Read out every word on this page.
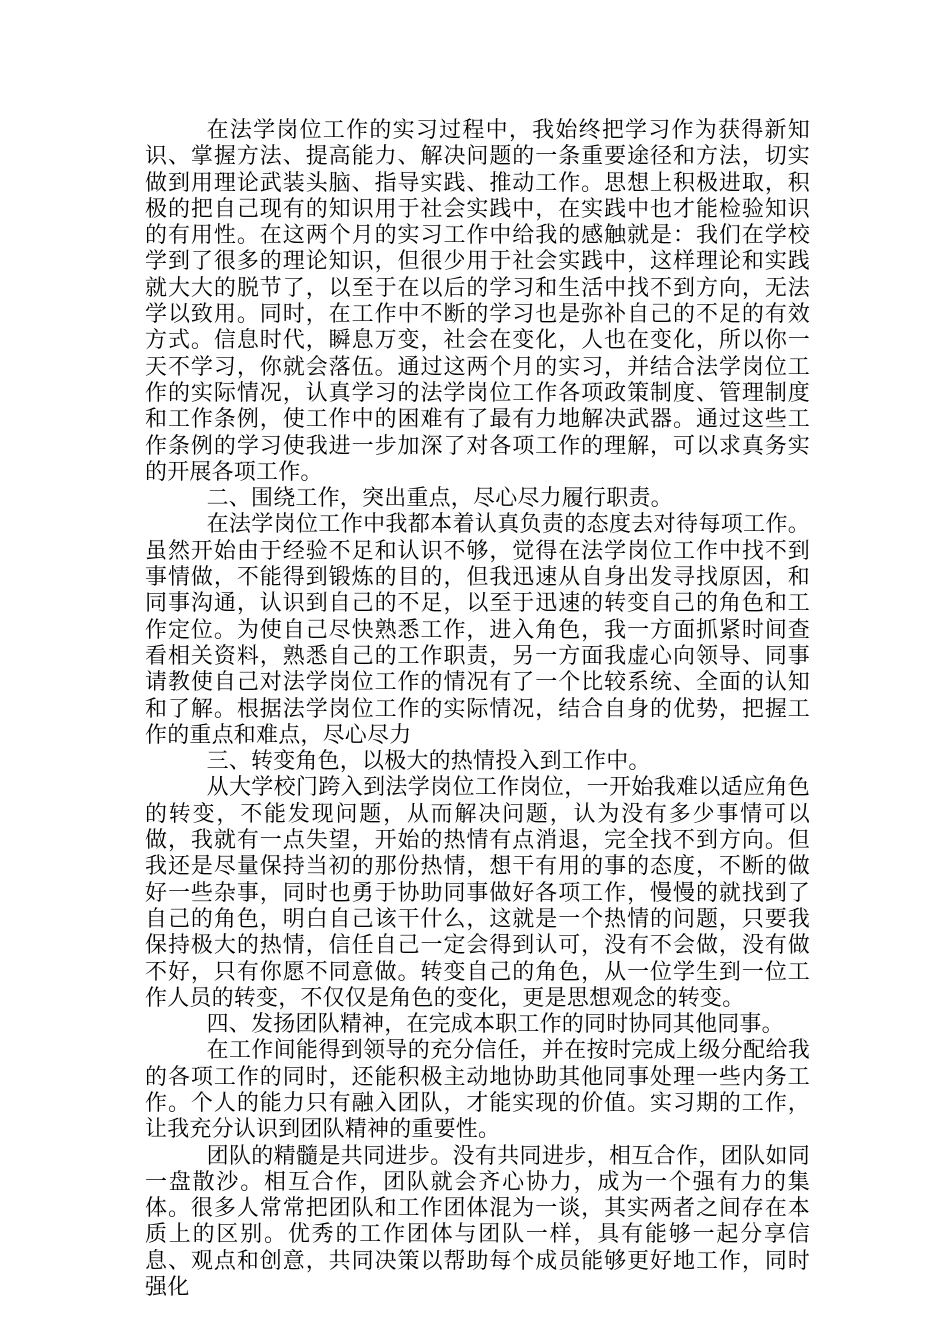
在法学岗位工作的实习过程中，我始终把学习作为获得新知识、掌握方法、提高能力、解决问题的一条重要途径和方法，切实做到用理论武装头脑、指导实践、推动工作。思想上积极进取，积极的把自己现有的知识用于社会实践中，在实践中也才能检验知识的有用性。在这两个月的实习工作中给我的感触就是：我们在学校学到了很多的理论知识，但很少用于社会实践中，这样理论和实践就大大的脱节了，以至于在以后的学习和生活中找不到方向，无法学以致用。同时，在工作中不断的学习也是弥补自己的不足的有效方式。信息时代，瞬息万变，社会在变化，人也在变化，所以你一天不学习，你就会落伍。通过这两个月的实习，并结合法学岗位工作的实际情况，认真学习的法学岗位工作各项政策制度、管理制度和工作条例，使工作中的困难有了最有力地解决武器。通过这些工作条例的学习使我进一步加深了对各项工作的理解，可以求真务实的开展各项工作。

二、围绕工作，突出重点，尽心尽力履行职责。

在法学岗位工作中我都本着认真负责的态度去对待每项工作。虽然开始由于经验不足和认识不够，觉得在法学岗位工作中找不到事情做，不能得到锻炼的目的，但我迅速从自身出发寻找原因，和同事沟通，认识到自己的不足，以至于迅速的转变自己的角色和工作定位。为使自己尽快熟悉工作，进入角色，我一方面抓紧时间查看相关资料，熟悉自己的工作职责，另一方面我虚心向领导、同事请教使自己对法学岗位工作的情况有了一个比较系统、全面的认知和了解。根据法学岗位工作的实际情况，结合自身的优势，把握工作的重点和难点，尽心尽力

三、转变角色，以极大的热情投入到工作中。

从大学校门跨入到法学岗位工作岗位，一开始我难以适应角色的转变，不能发现问题，从而解决问题，认为没有多少事情可以做，我就有一点失望，开始的热情有点消退，完全找不到方向。但我还是尽量保持当初的那份热情，想干有用的事的态度，不断的做好一些杂事，同时也勇于协助同事做好各项工作，慢慢的就找到了自己的角色，明白自己该干什么，这就是一个热情的问题，只要我保持极大的热情，信任自己一定会得到认可，没有不会做，没有做不好，只有你愿不同意做。转变自己的角色，从一位学生到一位工作人员的转变，不仅仅是角色的变化，更是思想观念的转变。

四、发扬团队精神，在完成本职工作的同时协同其他同事。

在工作间能得到领导的充分信任，并在按时完成上级分配给我的各项工作的同时，还能积极主动地协助其他同事处理一些内务工作。个人的能力只有融入团队，才能实现的价值。实习期的工作，让我充分认识到团队精神的重要性。

团队的精髓是共同进步。没有共同进步，相互合作，团队如同一盘散沙。相互合作，团队就会齐心协力，成为一个强有力的集体。很多人常常把团队和工作团体混为一谈，其实两者之间存在本质上的区别。优秀的工作团体与团队一样，具有能够一起分享信息、观点和创意，共同决策以帮助每个成员能够更好地工作，同时强化
